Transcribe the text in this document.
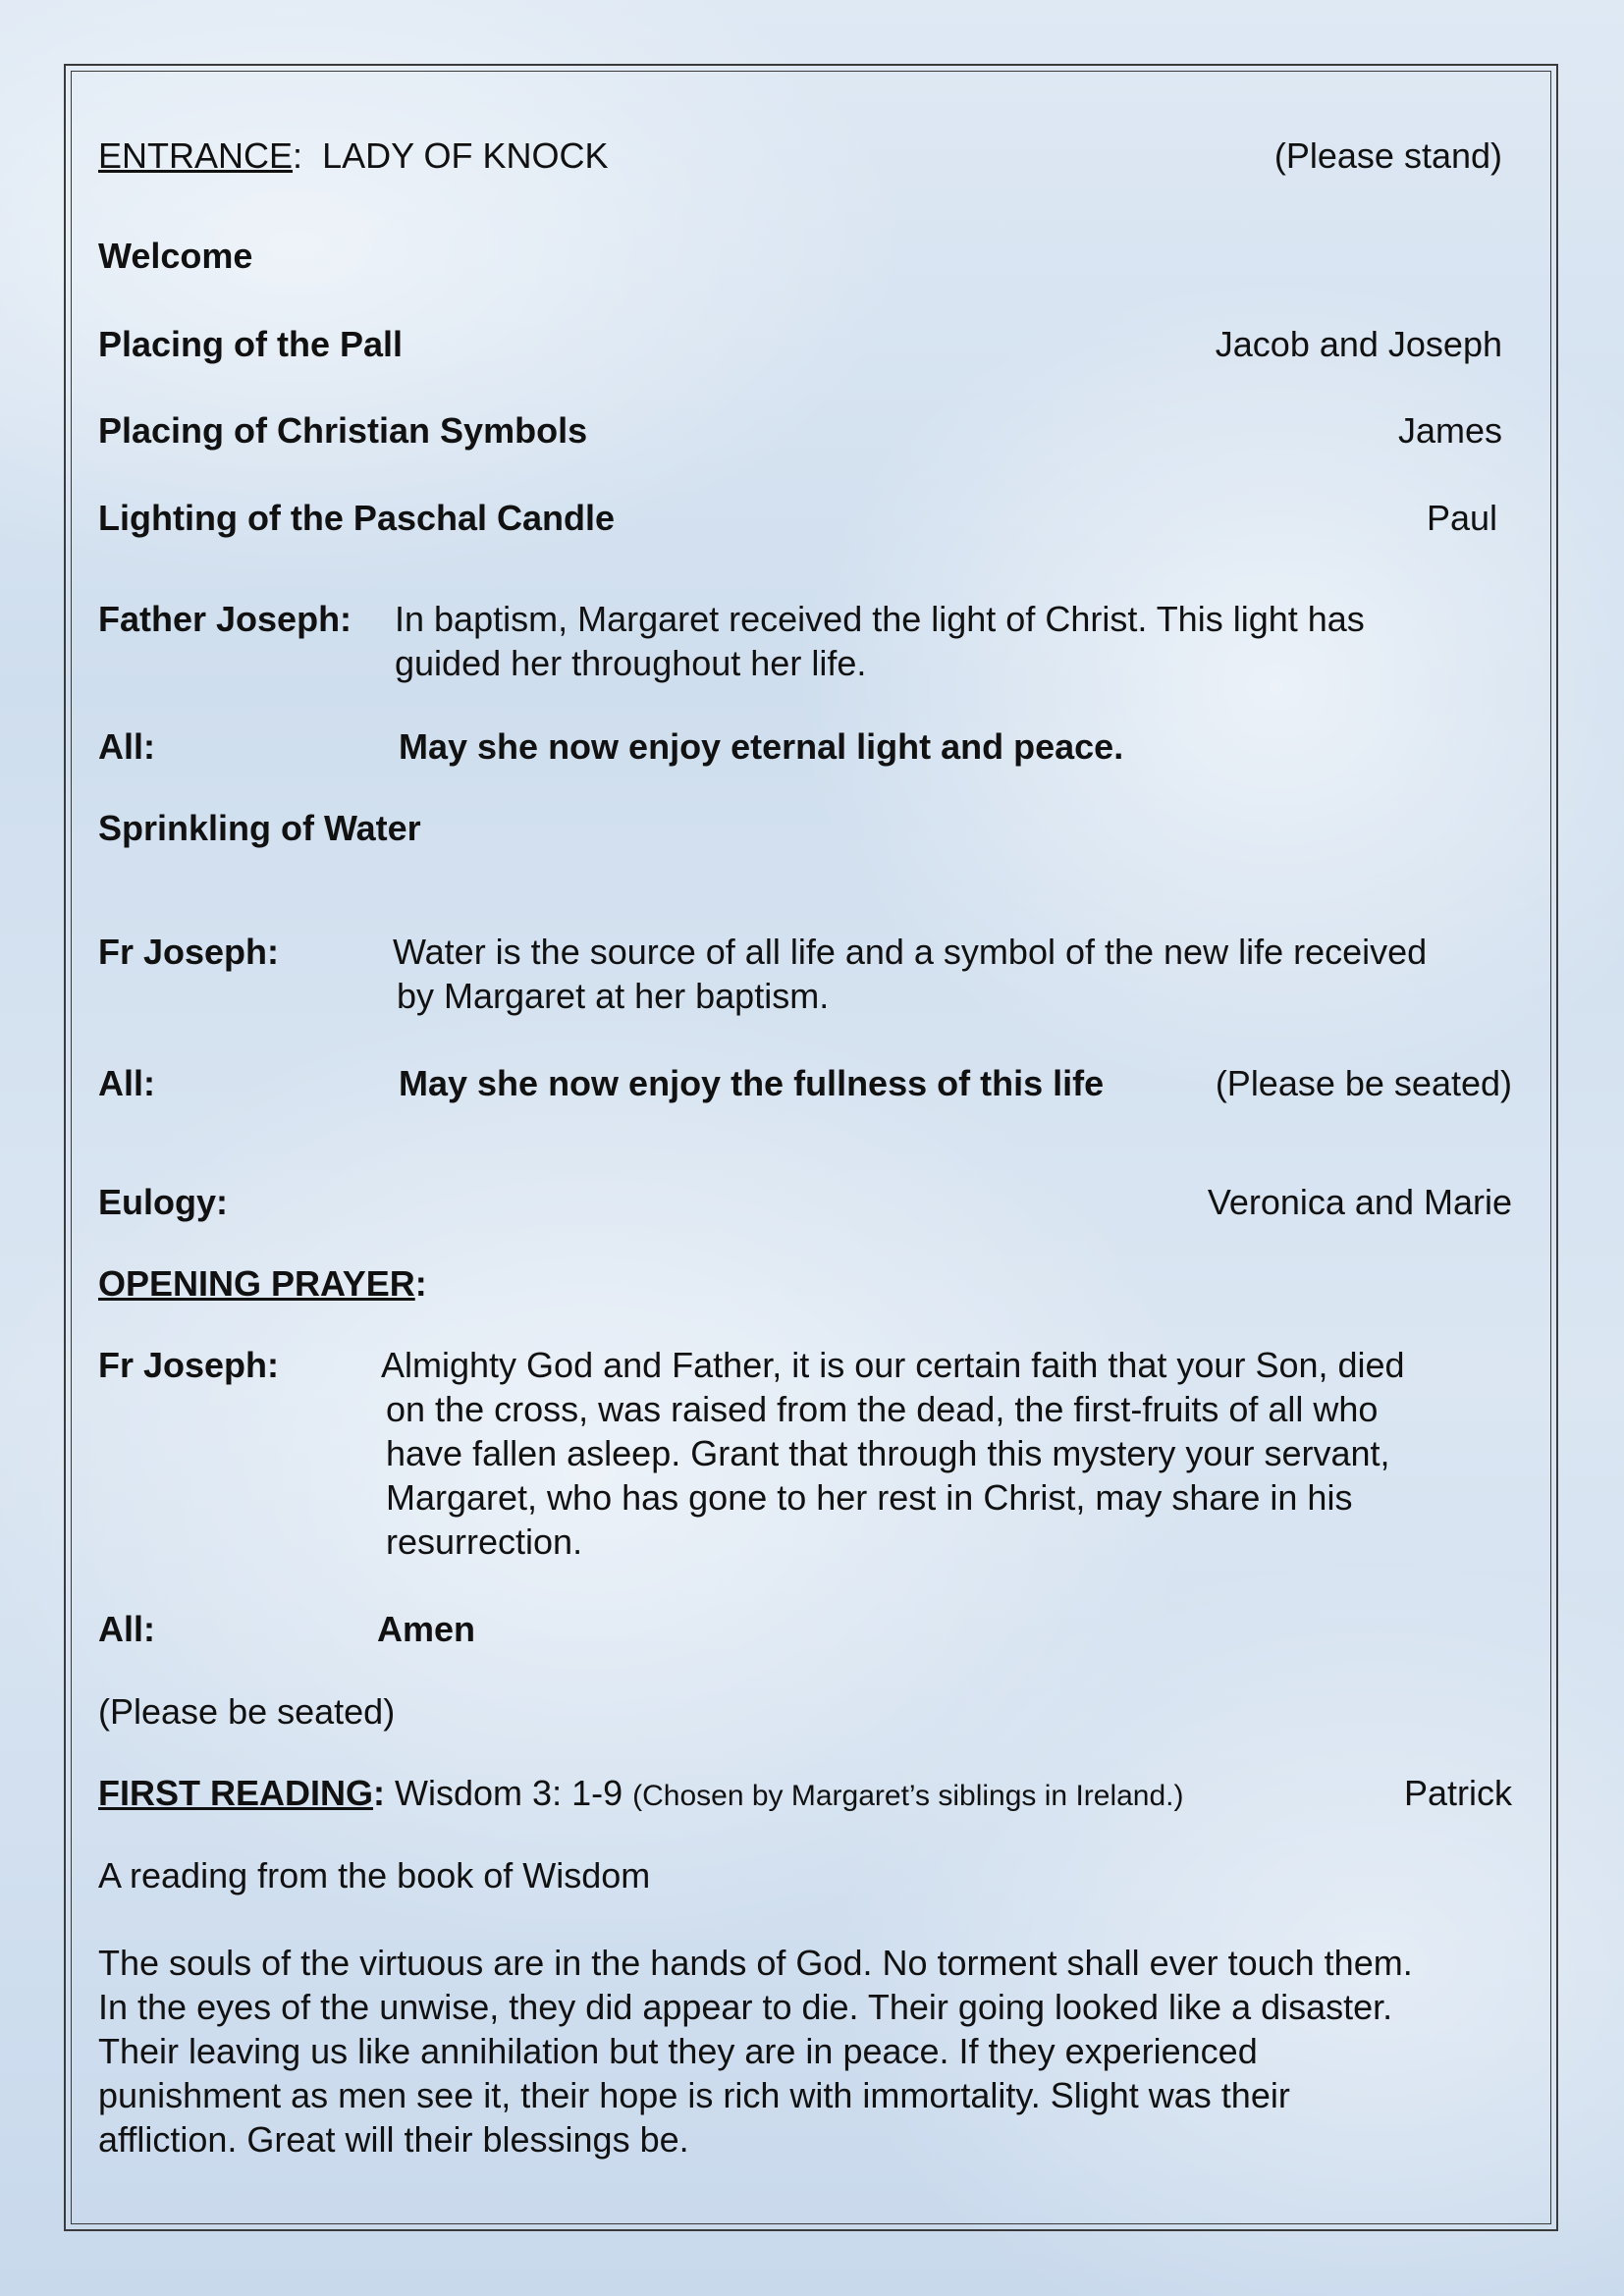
ENTRANCE: LADY OF KNOCK	(Please stand)
Welcome
Placing of the Pall	Jacob and Joseph
Placing of Christian Symbols	James
Lighting of the Paschal Candle	Paul
Father Joseph: In baptism, Margaret received the light of Christ. This light has
guided her throughout her life.
All:	May she now enjoy eternal light and peace.
Sprinkling of Water
Fr Joseph:	Water is the source of all life and a symbol of the new life received
by Margaret at her baptism.
All:	May she now enjoy the fullness of this life	(Please be seated)
Eulogy:	Veronica and Marie
OPENING PRAYER:
Fr Joseph:	Almighty God and Father, it is our certain faith that your Son, died
on the cross, was raised from the dead, the first-fruits of all who
have fallen asleep. Grant that through this mystery your servant,
Margaret, who has gone to her rest in Christ, may share in his
resurrection.
All:	Amen
(Please be seated)
FIRST READING: Wisdom 3: 1-9 (Chosen by Margaret’s siblings in Ireland.)	Patrick
A reading from the book of Wisdom
The souls of the virtuous are in the hands of God. No torment shall ever touch them.
In the eyes of the unwise, they did appear to die. Their going looked like a disaster.
Their leaving us like annihilation but they are in peace. If they experienced
punishment as men see it, their hope is rich with immortality. Slight was their
affliction. Great will their blessings be.
